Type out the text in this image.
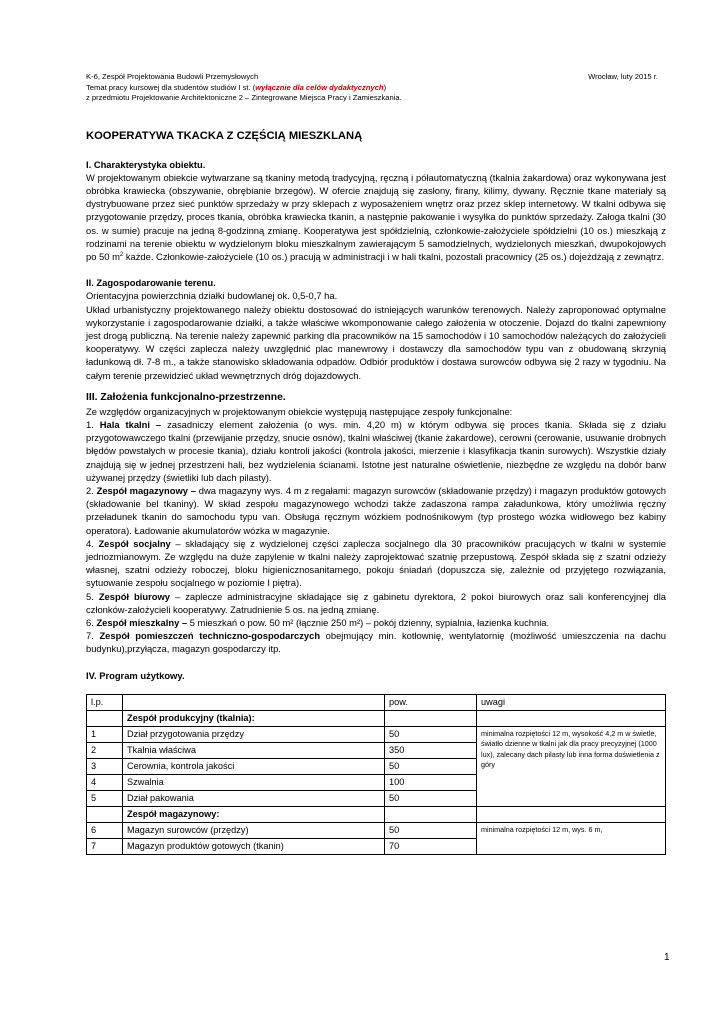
K-6, Zespół Projektowania Budowli Przemysłowych	Wrocław, luty 2015 r.
Temat pracy kursowej dla studentów studiów I st. (wyłącznie dla celów dydaktycznych)
z przedmiotu Projektowanie Architektoniczne 2 – Zintegrowane Miejsca Pracy i Zamieszkania.
KOOPERATYWA TKACKA Z CZĘŚCIĄ MIESZKLANĄ
I. Charakterystyka obiektu.

W projektowanym obiekcie wytwarzane są tkaniny metodą tradycyjną, ręczną i półautomatyczną (tkalnia żakardowa) oraz wykonywana jest obróbka krawiecka (obszywanie, obrębianie brzegów). W ofercie znajdują się zasłony, firany, kilimy, dywany. Ręcznie tkane materiały są dystrybuowane przez sieć punktów sprzedaży w przy sklepach z wyposażeniem wnętrz oraz przez sklep internetowy. W tkalni odbywa się przygotowanie przędzy, proces tkania, obróbka krawiecka tkanin, a następnie pakowanie i wysyłka do punktów sprzedaży. Załoga tkalni (30 os. w sumie) pracuje na jedną 8-godzinną zmianę. Kooperatywa jest spółdzielnią, członkowie-założyciele spółdzielni (10 os.) mieszkają z rodzinami na terenie obiektu w wydzielonym bloku mieszkalnym zawierającym 5 samodzielnych, wydzielonych mieszkań, dwupokojowych po 50 $m^2$ każde. Członkowie-założyciele (10 os.) pracują w administracji i w hali tkalni, pozostali pracownicy (25 os.) dojeżdżają z zewnątrz.

II. Zagospodarowanie terenu.

Orientacyjna powierzchnia działki budowlanej ok. 0,5-0,7 ha.

Układ urbanistyczny projektowanego należy obiektu dostosować do istniejących warunków terenowych. Należy zaproponować optymalne wykorzystanie i zagospodarowanie działki, a także właściwe wkomponowanie całego założenia w otoczenie. Dojazd do tkalni zapewniony jest drogą publiczną. Na terenie należy zapewnić parking dla pracowników na 15 samochodów i 10 samochodów należących do założycieli kooperatywy. W części zaplecza należy uwzględnić plac manewrowy i dostawczy dla samochodów typu van z obudowaną skrzynią ładunkową dł. 7-8 m., a także stanowisko składowania odpadów. Odbiór produktów i dostawa surowców odbywa się 2 razy w tygodniu. Na całym terenie przewidzieć układ wewnętrznych dróg dojazdowych.

III. Założenia funkcjonalno-przestrzenne.

Ze względów organizacyjnych w projektowanym obiekcie występują następujące zespoły funkcjonalne:

1. Hala tkalni – zasadniczy element założenia (o wys. min. 4,20 m) w którym odbywa się proces tkania. Składa się z działu przygotowawczego tkalni (przewijanie przędzy, snucie osnów), tkalni właściwej (tkanie żakardowe), cerowni (cerowanie, usuwanie drobnych błędów powstałych w procesie tkania), działu kontroli jakości (kontrola jakości, mierzenie i klasyfikacja tkanin surowych). Wszystkie działy znajdują się w jednej przestrzeni hali, bez wydzielenia ścianami. Istotne jest naturalne oświetlenie, niezbędne ze względu na dobór barw używanej przędzy (świetliki lub dach pilasty).

2. Zespół magazynowy – dwa magazyny wys. 4 m z regałami: magazyn surowców (składowanie przędzy) i magazyn produktów gotowych (składowanie bel tkaniny). W skład zespołu magazynowego wchodzi także zadaszona rampa załadunkowa, który umożliwia ręczny przeładunek tkanin do samochodu typu van. Obsługa ręcznym wózkiem podnośnikowym (typ prostego wózka widłowego bez kabiny operatora). Ładowanie akumulatorów wózka w magazynie.

4. Zespół socjalny – składający się z wydzielonej części zaplecza socjalnego dla 30 pracowników pracujących w tkalni w systemie jednozmianowym. Ze względu na duże zapylenie w tkalni należy zaprojektować szatnię przepustową. Zespół składa się z szatni odzieży własnej, szatni odzieży roboczej, bloku higienicznosanitarnego, pokoju śniadań (dopuszcza się, zależnie od przyjętego rozwiązania, sytuowanie zespołu socjalnego w poziomie I piętra).

5. Zespół biurowy – zaplecze administracyjne składające się z gabinetu dyrektora, 2 pokoi biurowych oraz sali konferencyjnej dla członków-założycieli kooperatywy. Zatrudnienie 5 os. na jedną zmianę.

6. Zespół mieszkalny – 5 mieszkań o pow. 50 m² (łącznie 250 m²) – pokój dzienny, sypialnia, łazienka kuchnia.

7. Zespół pomieszczeń techniczno-gospodarczych obejmujący min. kotłownię, wentylatornię (możliwość umieszczenia na dachu budynku),przyłącza, magazyn gospodarczy itp.

IV. Program użytkowy.
l.p.		pow.	uwagi
	Zespół produkcyjny (tkalnia):		
1	Dział przygotowania przędzy	50	minimalna rozpiętości 12 m, wysokość 4,2 m w świetle, światło dzienne w tkalni jak dla pracy precyzyjnej (1000 lux), zalecany dach pilasty lub inna forma doświetlenia z góry
2	Tkalnia właściwa	350	
3	Cerownia, kontrola jakości	50	
4	Szwalnia	100	
5	Dział pakowania	50	
	Zespół magazynowy:		
6	Magazyn surowców (przędzy)	50	minimalna rozpiętości 12 m, wys. 6 m,
7	Magazyn produktów gotowych (tkanin)	70	
1
